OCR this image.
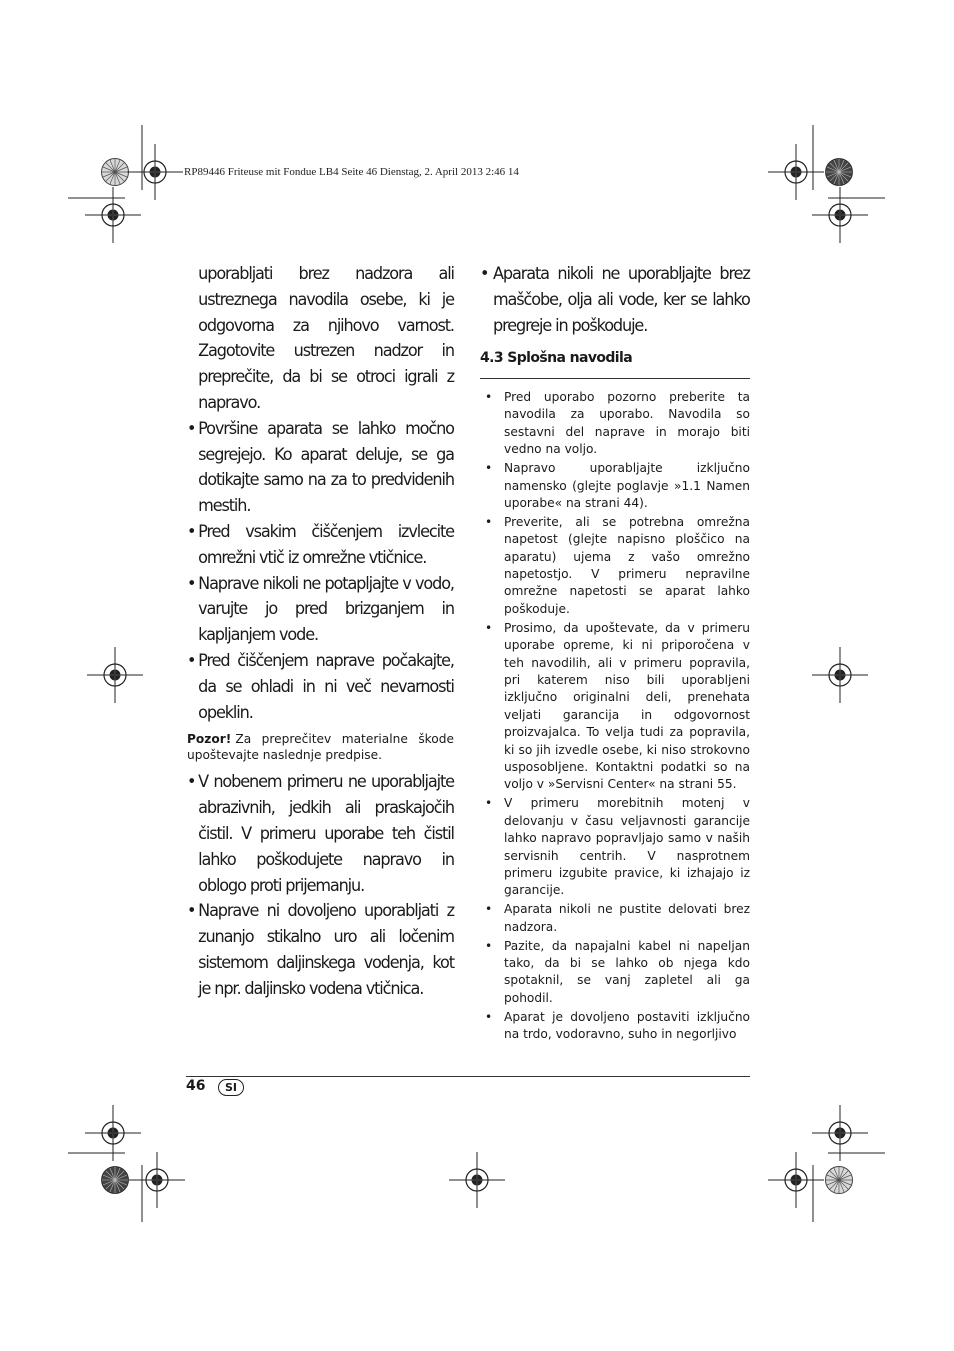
RP89446 Friteuse mit Fondue LB4 Seite 46 Dienstag, 2. April 2013 2:46 14

uporabljati brez nadzora ali ustreznega navodila osebe, ki je odgovorna za njihovo varnost. Zagotovite ustrezen nadzor in preprečite, da bi se otroci igrali z napravo.

• Površine aparata se lahko močno segrejejo. Ko aparat deluje, se ga dotikajte samo na za to predvidenih mestih.

• Pred vsakim čiščenjem izvlecite omrežni vtič iz omrežne vtičnice.

• Naprave nikoli ne potapljajte v vodo, varujte jo pred brizganjem in kapljanjem vode.

• Pred čiščenjem naprave počakajte, da se ohladi in ni več nevarnosti opeklin.

Pozor! Za preprečitev materialne škode upoštevajte naslednje predpise.

• V nobenem primeru ne uporabljajte abrazivnih, jedkih ali praskajočih čistil. V primeru uporabe teh čistil lahko poškodujete napravo in oblogo proti prijemanju.

• Naprave ni dovoljeno uporabljati z zunanjo stikalno uro ali ločenim sistemom daljinskega vodenja, kot je npr. daljinsko vodena vtičnica.

• Aparata nikoli ne uporabljajte brez maščobe, olja ali vode, ker se lahko pregreje in poškoduje.

4.3 Splošna navodila
• Pred uporabo pozorno preberite ta navodila za uporabo. Navodila so sestavni del naprave in morajo biti vedno na voljo.
• Napravo uporabljajte izključno namensko (glejte poglavje »1.1 Namen uporabe« na strani 44).
• Preverite, ali se potrebna omrežna napetost (glejte napisno ploščico na aparatu) ujema z vašo omrežno napetostjo. V primeru nepravilne omrežne napetosti se aparat lahko poškoduje.
• Prosimo, da upoštevate, da v primeru uporabe opreme, ki ni priporočena v teh navodilih, ali v primeru popravila, pri katerem niso bili uporabljeni izključno originalni deli, prenehata veljati garancija in odgovornost proizvajalca. To velja tudi za popravila, ki so jih izvedle osebe, ki niso strokovno usposobljene. Kontaktni podatki so na voljo v »Servisni Center« na strani 55.
• V primeru morebitnih motenj v delovanju v času veljavnosti garancije lahko napravo popravljajo samo v naših servisnih centrih. V nasprotnem primeru izgubite pravice, ki izhajajo iz garancije.
• Aparata nikoli ne pustite delovati brez nadzora.
• Pazite, da napajalni kabel ni napeljan tako, da bi se lahko ob njega kdo spotaknil, se vanj zapletel ali ga pohodil.
• Aparat je dovoljeno postaviti izključno na trdo, vodoravno, suho in negorljivo
46	SI
